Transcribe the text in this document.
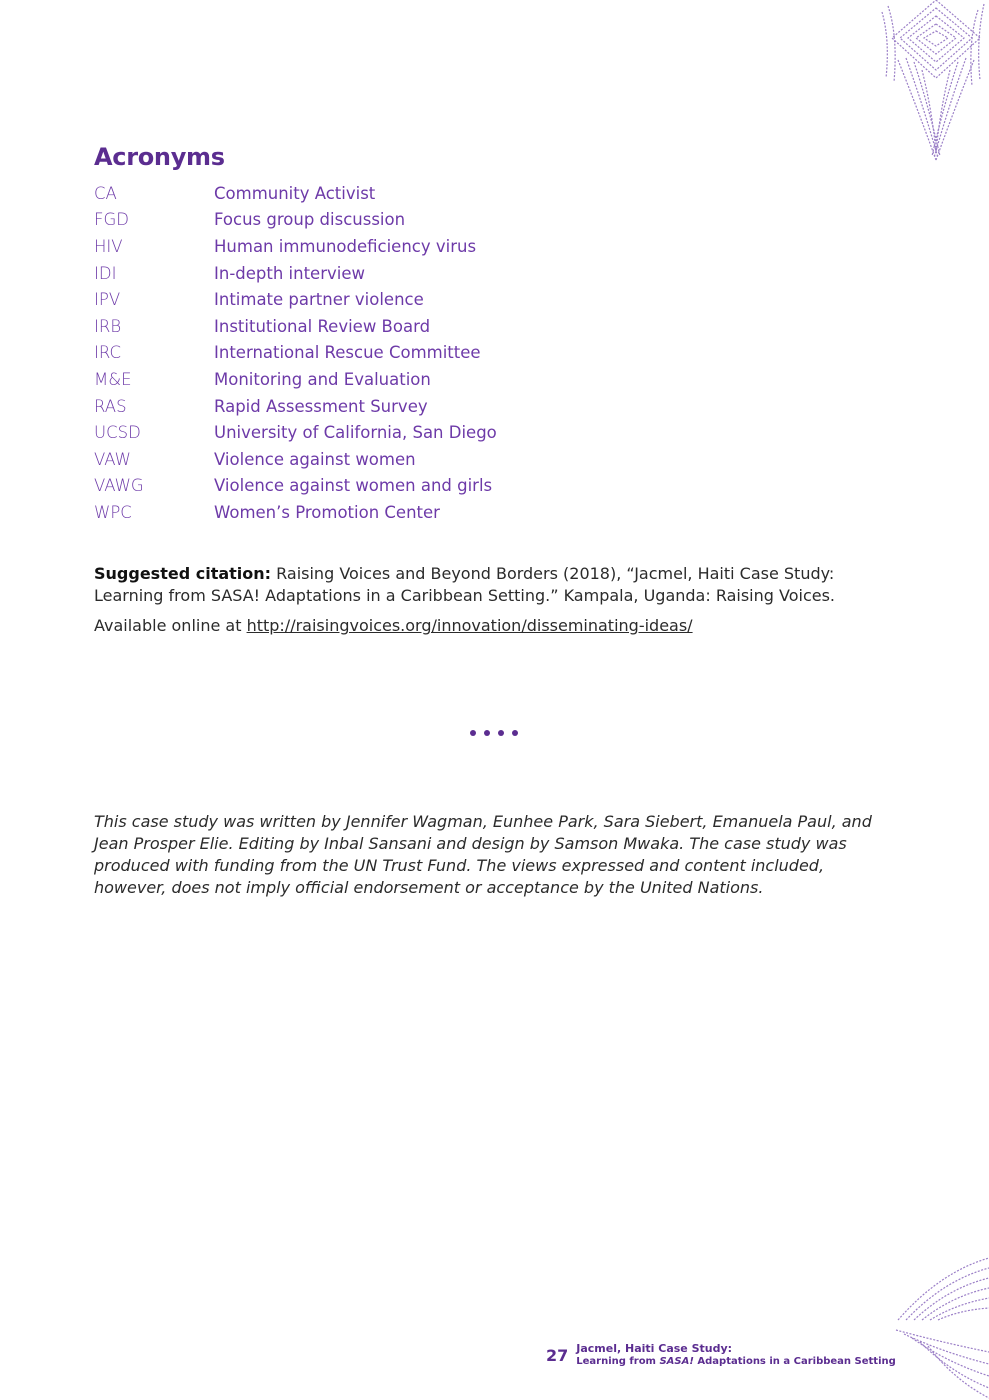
Acronyms
CA	Community Activist
FGD	Focus group discussion
HIV	Human immunodeficiency virus
IDI	In-depth interview
IPV	Intimate partner violence
IRB	Institutional Review Board
IRC	International Rescue Committee
M&E	Monitoring and Evaluation
RAS	Rapid Assessment Survey
UCSD	University of California, San Diego
VAW	Violence against women
VAWG	Violence against women and girls
WPC	Women’s Promotion Center

Suggested citation: Raising Voices and Beyond Borders (2018), “Jacmel, Haiti Case Study: Learning from SASA! Adaptations in a Caribbean Setting.” Kampala, Uganda: Raising Voices.

Available online at http://raisingvoices.org/innovation/disseminating-ideas/

This case study was written by Jennifer Wagman, Eunhee Park, Sara Siebert, Emanuela Paul, and Jean Prosper Elie. Editing by Inbal Sansani and design by Samson Mwaka. The case study was produced with funding from the UN Trust Fund. The views expressed and content included, however, does not imply official endorsement or acceptance by the United Nations.

27 Jacmel, Haiti Case Study:
Learning from SASA! Adaptations in a Caribbean Setting
